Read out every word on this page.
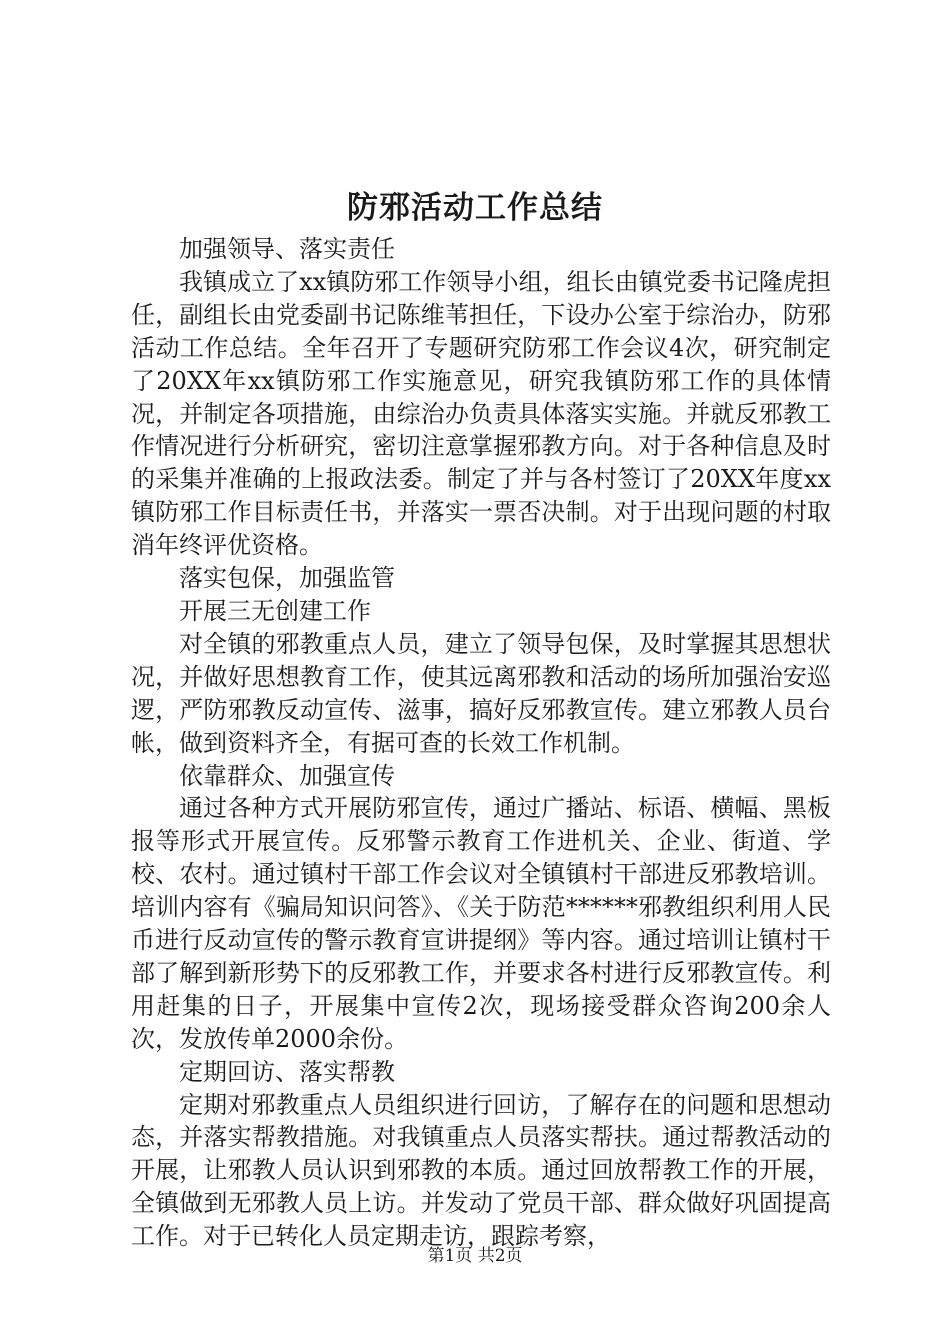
防邪活动工作总结

加强领导、落实责任

我镇成立了xx镇防邪工作领导小组，组长由镇党委书记隆虎担任，副组长由党委副书记陈维苇担任，下设办公室于综治办，防邪活动工作总结。全年召开了专题研究防邪工作会议4次，研究制定了20XX年xx镇防邪工作实施意见，研究我镇防邪工作的具体情况，并制定各项措施，由综治办负责具体落实实施。并就反邪教工作情况进行分析研究，密切注意掌握邪教方向。对于各种信息及时的采集并准确的上报政法委。制定了并与各村签订了20XX年度xx镇防邪工作目标责任书，并落实一票否决制。对于出现问题的村取消年终评优资格。

落实包保，加强监管

开展三无创建工作

对全镇的邪教重点人员，建立了领导包保，及时掌握其思想状况，并做好思想教育工作，使其远离邪教和活动的场所加强治安巡逻，严防邪教反动宣传、滋事，搞好反邪教宣传。建立邪教人员台帐，做到资料齐全，有据可查的长效工作机制。

依靠群众、加强宣传

通过各种方式开展防邪宣传，通过广播站、标语、横幅、黑板报等形式开展宣传。反邪警示教育工作进机关、企业、街道、学校、农村。通过镇村干部工作会议对全镇镇村干部进反邪教培训。培训内容有《骗局知识问答》、《关于防范******邪教组织利用人民币进行反动宣传的警示教育宣讲提纲》等内容。通过培训让镇村干部了解到新形势下的反邪教工作，并要求各村进行反邪教宣传。利用赶集的日子，开展集中宣传2次，现场接受群众咨询200余人次，发放传单2000余份。

定期回访、落实帮教

定期对邪教重点人员组织进行回访，了解存在的问题和思想动态，并落实帮教措施。对我镇重点人员落实帮扶。通过帮教活动的开展，让邪教人员认识到邪教的本质。通过回放帮教工作的开展，全镇做到无邪教人员上访。并发动了党员干部、群众做好巩固提高工作。对于已转化人员定期走访，跟踪考察，

第1页 共2页
